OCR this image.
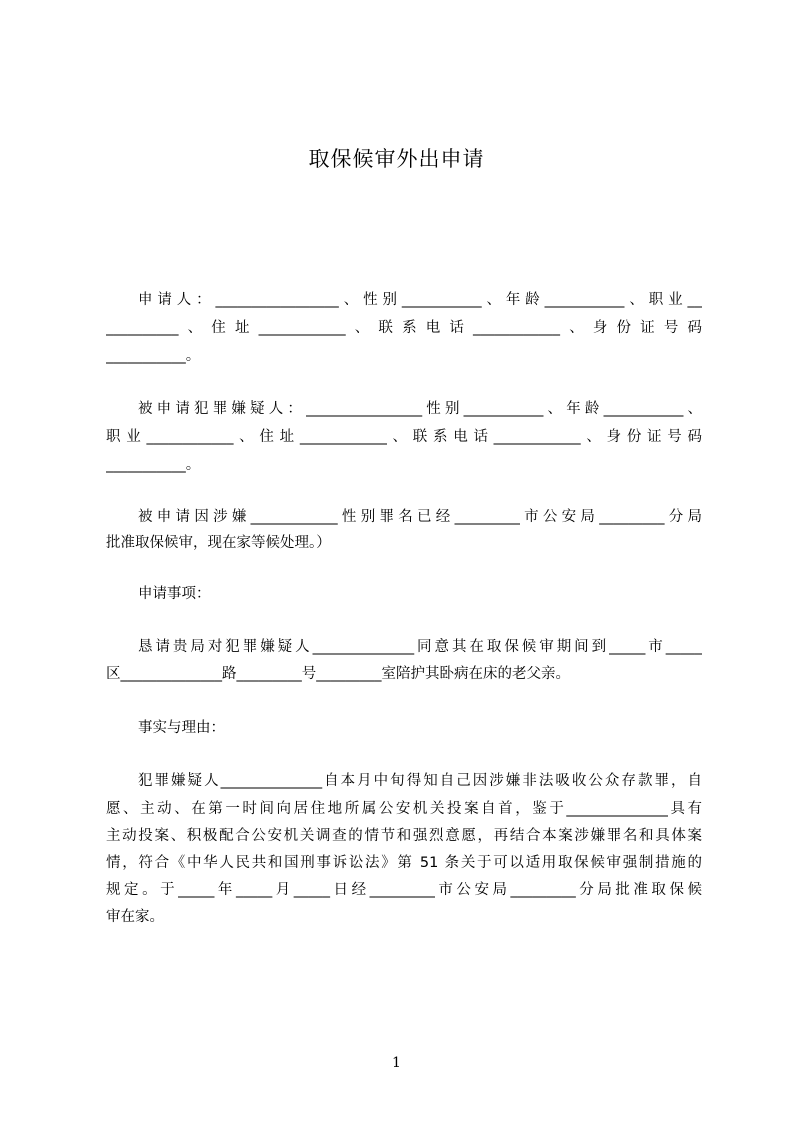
取保候审外出申请
申请人：_________________、性别___________、年龄___________、职业__
__________、住址____________、联系电话____________、身份证号码
___________。
被申请犯罪嫌疑人：________________性别___________、年龄___________、
职业____________、住址____________、联系电话____________、身份证号码
___________。
被申请因涉嫌____________性别罪名已经_________市公安局_________分局
批准取保候审，现在家等候处理。）
申请事项：
恳请贵局对犯罪嫌疑人______________同意其在取保候审期间到_____市_____
区______________路_________号_________室陪护其卧病在床的老父亲。
事实与理由：
犯罪嫌疑人______________自本月中旬得知自己因涉嫌非法吸收公众存款罪，自
愿、主动、在第一时间向居住地所属公安机关投案自首，鉴于______________具有
主动投案、积极配合公安机关调查的情节和强烈意愿，再结合本案涉嫌罪名和具体案
情，符合《中华人民共和国刑事诉讼法》第 51 条关于可以适用取保候审强制措施的
规定。于_____年_____月_____日经_________市公安局_________分局批准取保候
审在家。
1
